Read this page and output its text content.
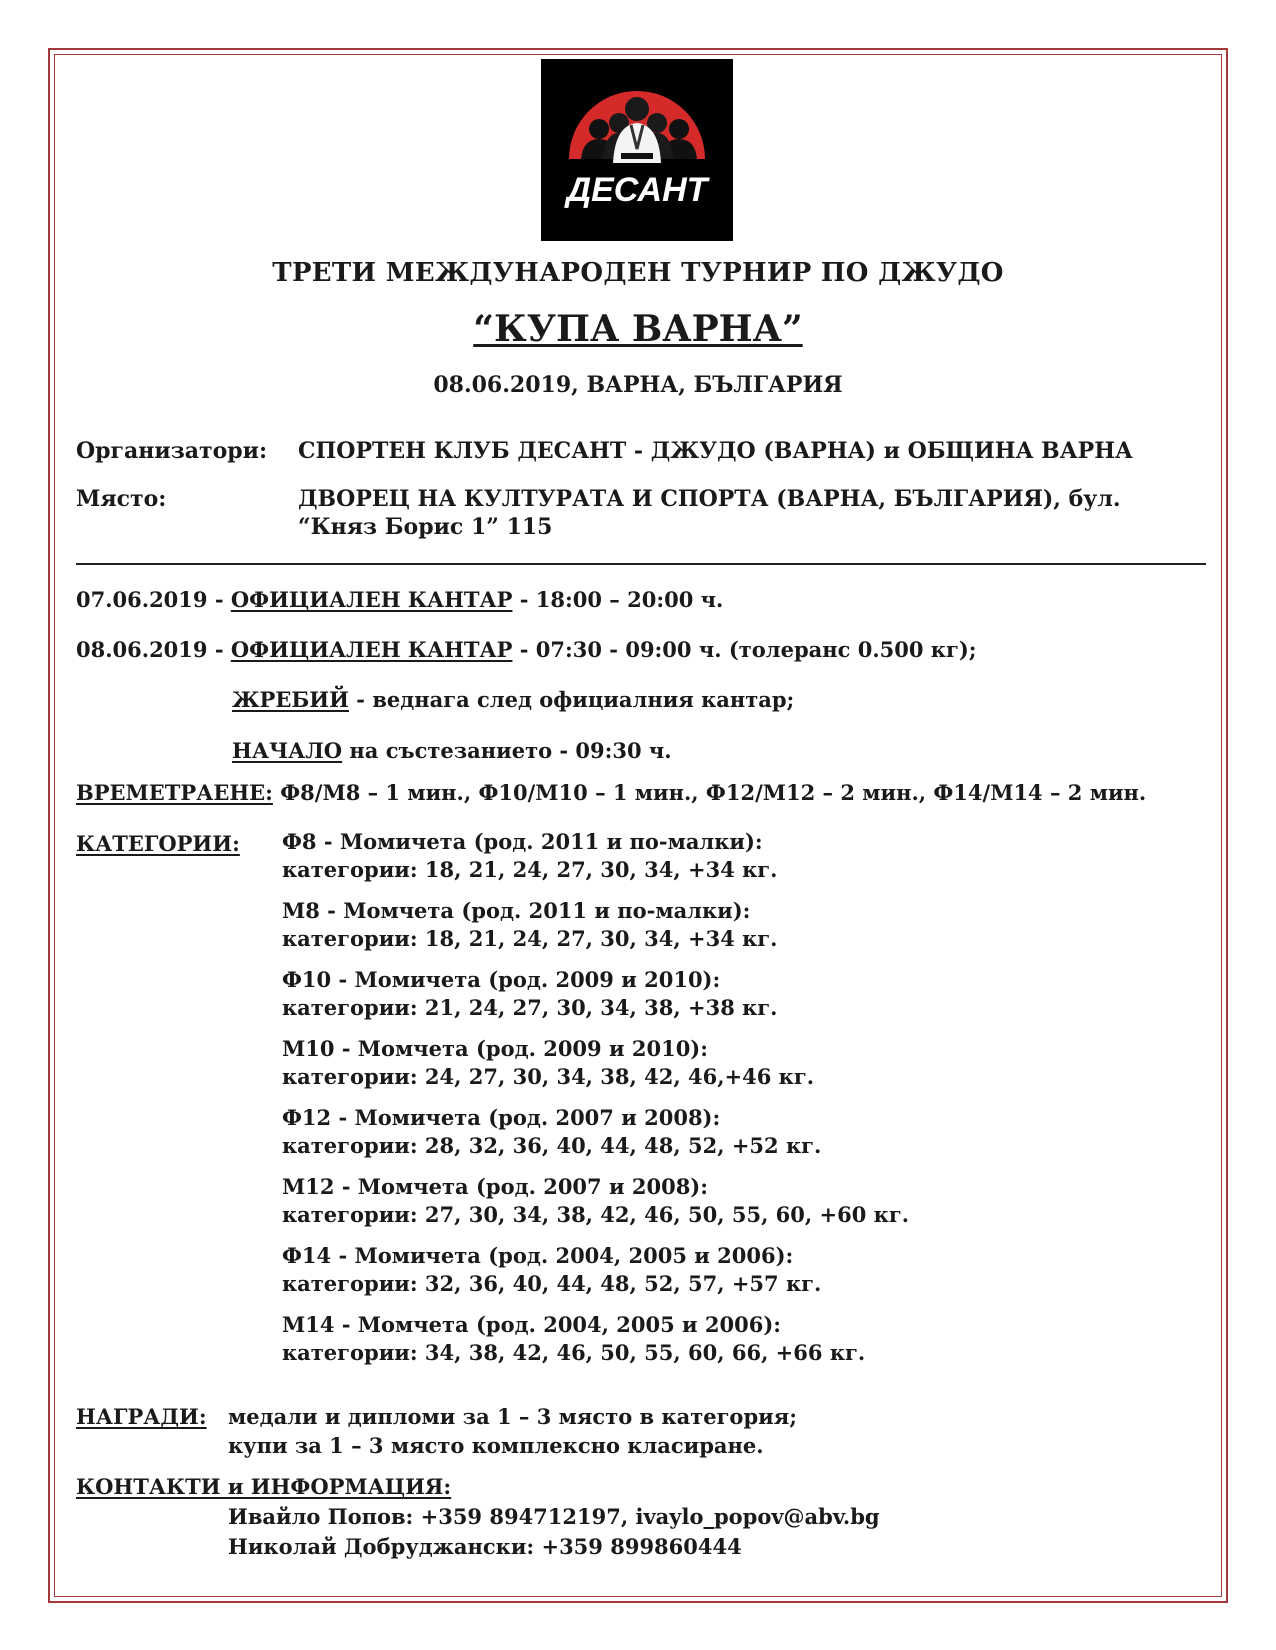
ДЕСАНТ
ТРЕТИ МЕЖДУНАРОДЕН ТУРНИР ПО ДЖУДО
“КУПА ВАРНА”
08.06.2019, ВАРНА, БЪЛГАРИЯ
Организатори: СПОРТЕН КЛУБ ДЕСАНТ - ДЖУДО (ВАРНА) и ОБЩИНА ВАРНА
Място:	ДВОРЕЦ НА КУЛТУРАТА И СПОРТА (ВАРНА, БЪЛГАРИЯ), бул.
“Княз Борис 1” 115
07.06.2019 - ОФИЦИАЛЕН КАНТАР - 18:00 – 20:00 ч.
08.06.2019 - ОФИЦИАЛЕН КАНТАР - 07:30 - 09:00 ч. (толеранс 0.500 кг);
ЖРЕБИЙ - веднага след официалния кантар;
НАЧАЛО на състезанието - 09:30 ч.
ВРЕМЕТРАЕНЕ: Ф8/М8 – 1 мин., Ф10/М10 – 1 мин., Ф12/М12 – 2 мин., Ф14/М14 – 2 мин.
КАТЕГОРИИ: Ф8 - Момичета (род. 2011 и по-малки):
категории: 18, 21, 24, 27, 30, 34, +34 кг.
М8 - Момчета (род. 2011 и по-малки):
категории: 18, 21, 24, 27, 30, 34, +34 кг.
Ф10 - Момичета (род. 2009 и 2010):
категории: 21, 24, 27, 30, 34, 38, +38 кг.
М10 - Момчета (род. 2009 и 2010):
категории: 24, 27, 30, 34, 38, 42, 46,+46 кг.
Ф12 - Момичета (род. 2007 и 2008):
категории: 28, 32, 36, 40, 44, 48, 52, +52 кг.
М12 - Момчета (род. 2007 и 2008):
категории: 27, 30, 34, 38, 42, 46, 50, 55, 60, +60 кг.
Ф14 - Момичета (род. 2004, 2005 и 2006):
категории: 32, 36, 40, 44, 48, 52, 57, +57 кг.
М14 - Момчета (род. 2004, 2005 и 2006):
категории: 34, 38, 42, 46, 50, 55, 60, 66, +66 кг.
НАГРАДИ: медали и дипломи за 1 – 3 място в категория;
купи за 1 – 3 място комплексно класиране.
КОНТАКТИ и ИНФОРМАЦИЯ:
Ивайло Попов: +359 894712197, ivaylo_popov@abv.bg
Николай Добруджански: +359 899860444
